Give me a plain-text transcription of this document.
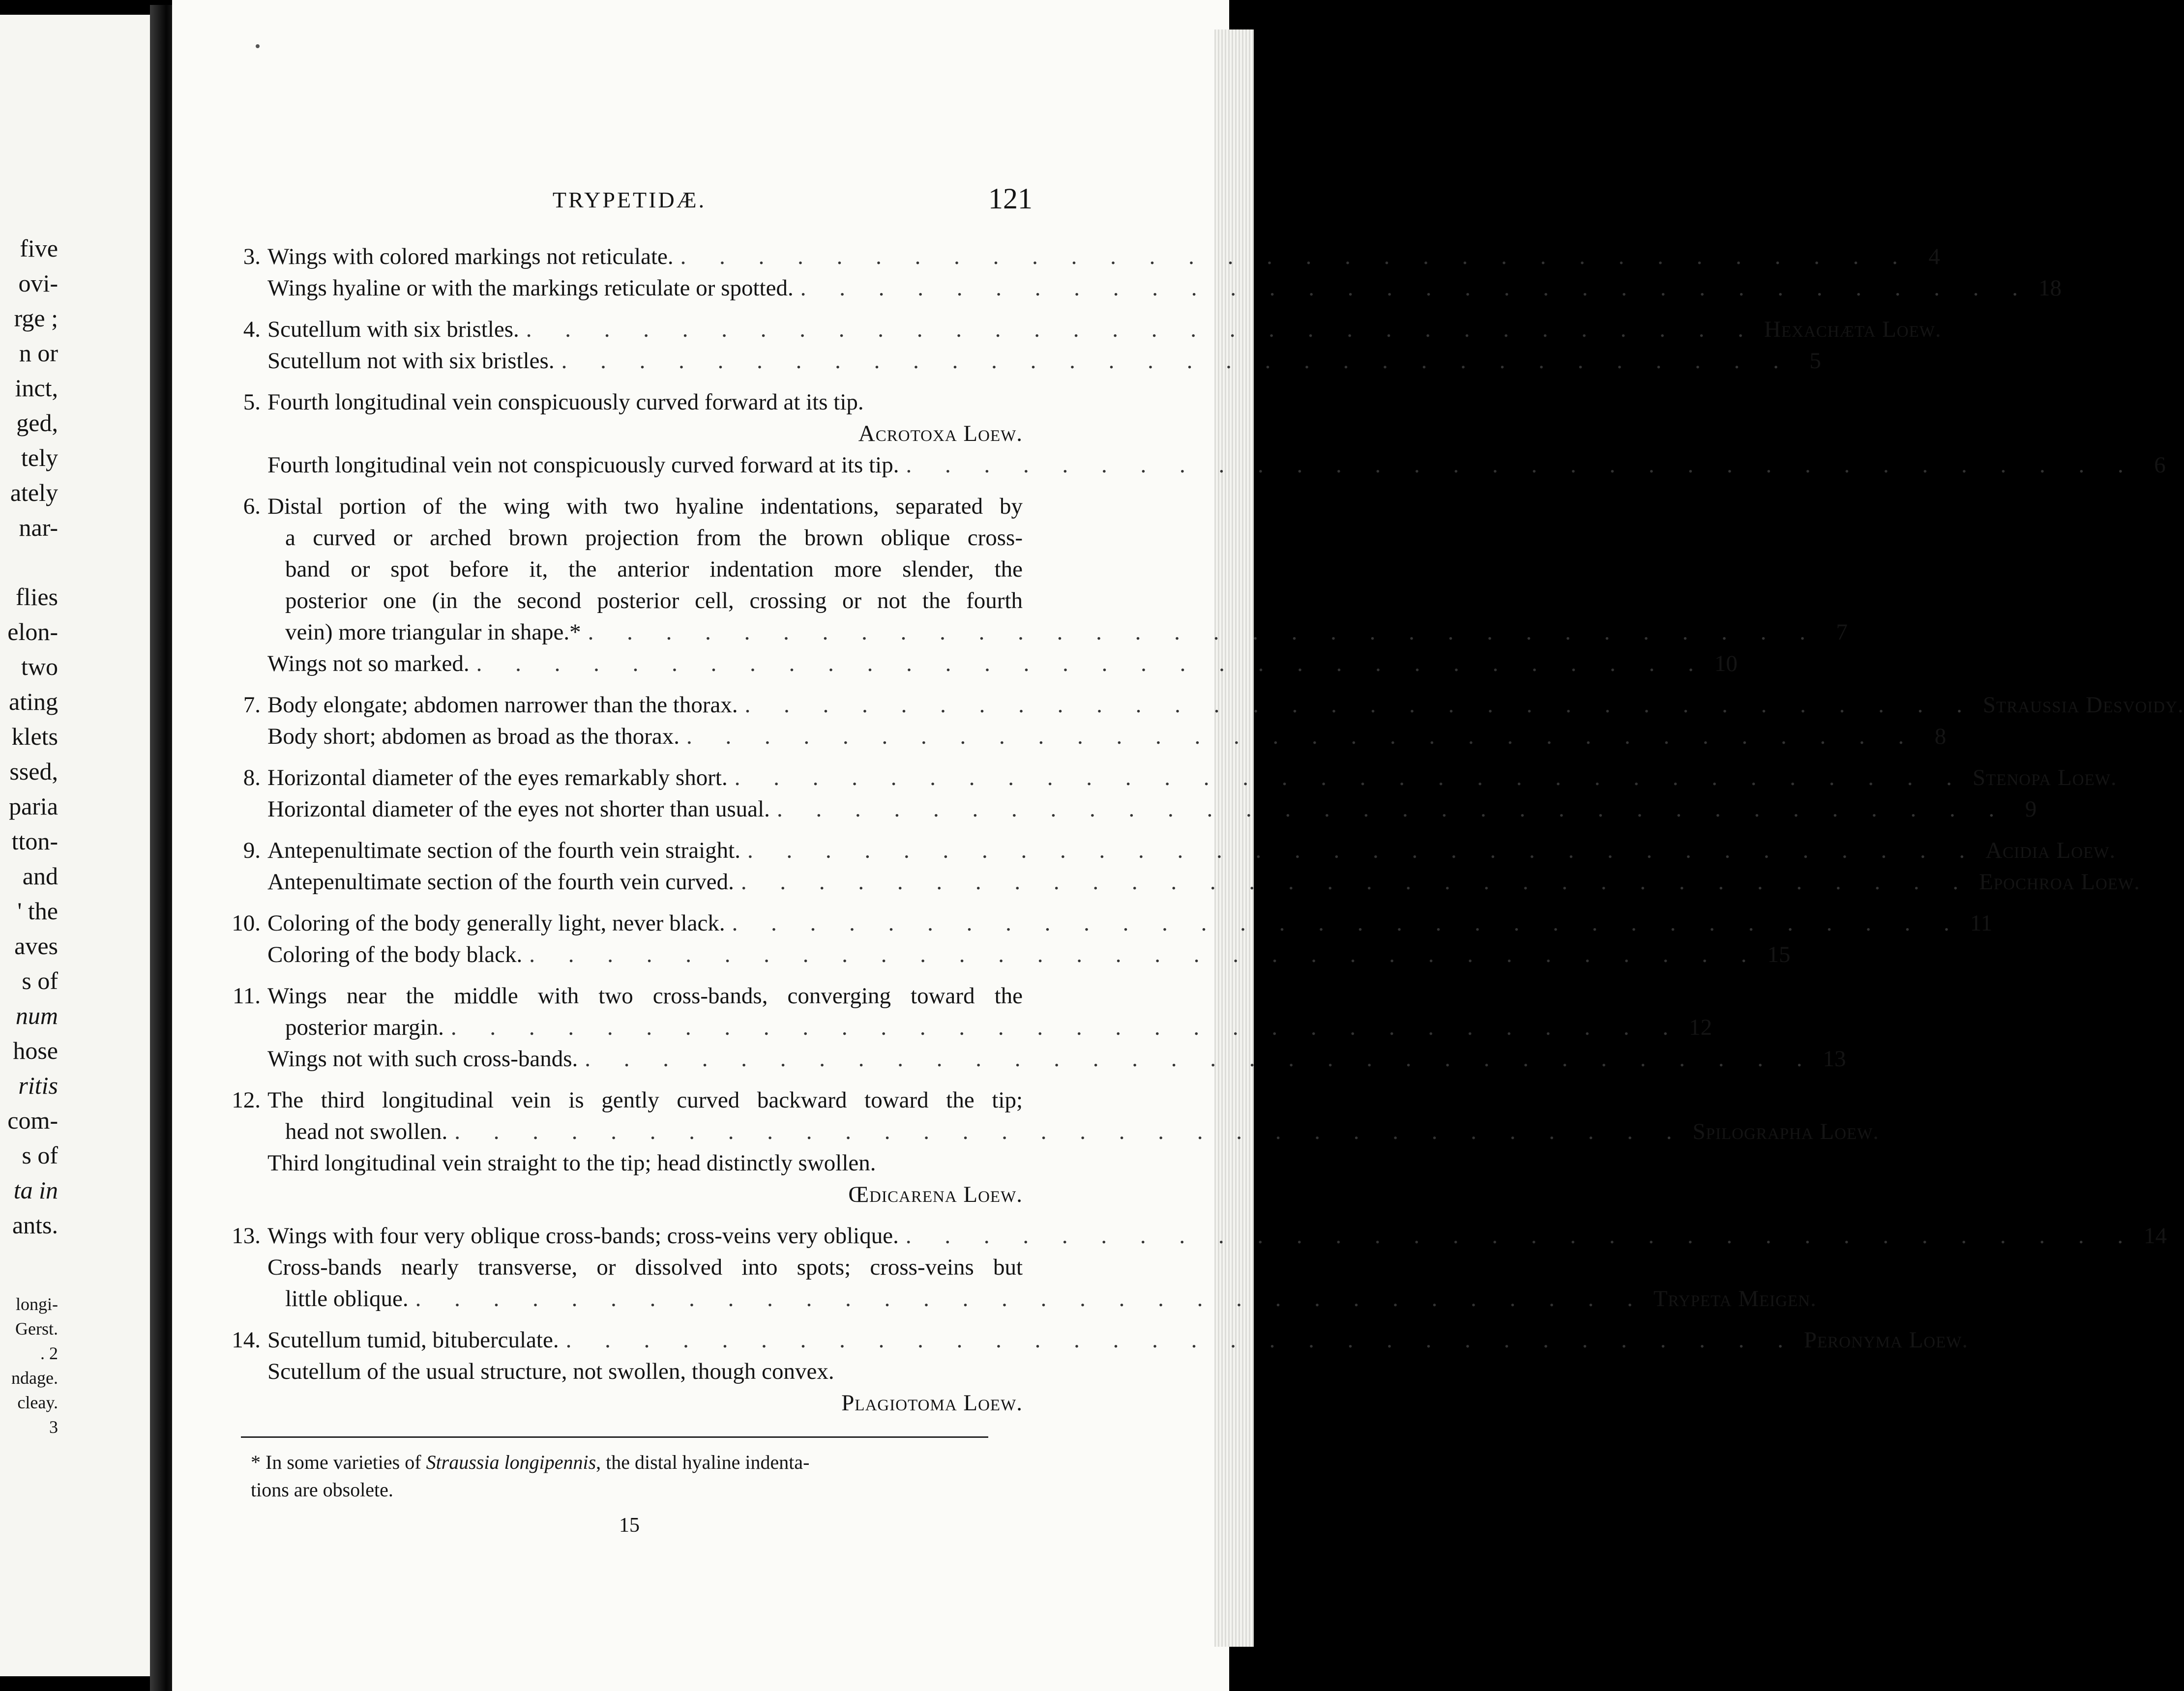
five
ovi-
rge ;
n or
inct,
ged,
tely
ately
nar-
flies
elon-
two
ating
klets
ssed,
paria
tton-
and
' the
aves
s of
num
hose
ritis
com-
s of
ta in
ants.
longi-
Gerst.
. 2
ndage.
cleay.
3
TRYPETIDÆ.	121
3. Wings with colored markings not reticulate. . . . . . . . . . . . . . . . . . . . . . . . . . . . . . . . . 4
Wings hyaline or with the markings reticulate or spotted. . . . . . . . . . . . . . . . . . . . . . . . . . . . . . . . . 18
4. Scutellum with six bristles. . . . . . . . . . . . . . . . . . . . . . . . . . . . . . . . . Hexachæta Loew.
Scutellum not with six bristles. . . . . . . . . . . . . . . . . . . . . . . . . . . . . . . . . 5
5. Fourth longitudinal vein conspicuously curved forward at its tip.
Acrotoxa Loew.
Fourth longitudinal vein not conspicuously curved forward at its tip. . . . . . . . . . . . . . . . . . . . . . . . . . . . . . . . . 6
6. Distal portion of the wing with two hyaline indentations, separated by
a curved or arched brown projection from the brown oblique cross-
band or spot before it, the anterior indentation more slender, the
posterior one (in the second posterior cell, crossing or not the fourth
vein) more triangular in shape.* . . . . . . . . . . . . . . . . . . . . . . . . . . . . . . . . 7
Wings not so marked. . . . . . . . . . . . . . . . . . . . . . . . . . . . . . . . . 10
7. Body elongate; abdomen narrower than the thorax. . . . . . . . . . . . . . . . . . . . . . . . . . . . . . . . . Straussia Desvoidy.
Body short; abdomen as broad as the thorax. . . . . . . . . . . . . . . . . . . . . . . . . . . . . . . . . 8
8. Horizontal diameter of the eyes remarkably short. . . . . . . . . . . . . . . . . . . . . . . . . . . . . . . . . Stenopa Loew.
Horizontal diameter of the eyes not shorter than usual. . . . . . . . . . . . . . . . . . . . . . . . . . . . . . . . . 9
9. Antepenultimate section of the fourth vein straight. . . . . . . . . . . . . . . . . . . . . . . . . . . . . . . . . Acidia Loew.
Antepenultimate section of the fourth vein curved. . . . . . . . . . . . . . . . . . . . . . . . . . . . . . . . . Epochroa Loew.
10. Coloring of the body generally light, never black. . . . . . . . . . . . . . . . . . . . . . . . . . . . . . . . . 11
Coloring of the body black. . . . . . . . . . . . . . . . . . . . . . . . . . . . . . . . . 15
11. Wings near the middle with two cross-bands, converging toward the
posterior margin. . . . . . . . . . . . . . . . . . . . . . . . . . . . . . . . . 12
Wings not with such cross-bands. . . . . . . . . . . . . . . . . . . . . . . . . . . . . . . . . 13
12. The third longitudinal vein is gently curved backward toward the tip;
head not swollen. . . . . . . . . . . . . . . . . . . . . . . . . . . . . . . . . Spilographa Loew.
Third longitudinal vein straight to the tip; head distinctly swollen.
Œdicarena Loew.
13. Wings with four very oblique cross-bands; cross-veins very oblique. . . . . . . . . . . . . . . . . . . . . . . . . . . . . . . . . 14
Cross-bands nearly transverse, or dissolved into spots; cross-veins but
little oblique. . . . . . . . . . . . . . . . . . . . . . . . . . . . . . . . . Trypeta Meigen.
14. Scutellum tumid, bituberculate. . . . . . . . . . . . . . . . . . . . . . . . . . . . . . . . . Peronyma Loew.
Scutellum of the usual structure, not swollen, though convex.
Plagiotoma Loew.
* In some varieties of Straussia longipennis, the distal hyaline indenta-
tions are obsolete.
15
